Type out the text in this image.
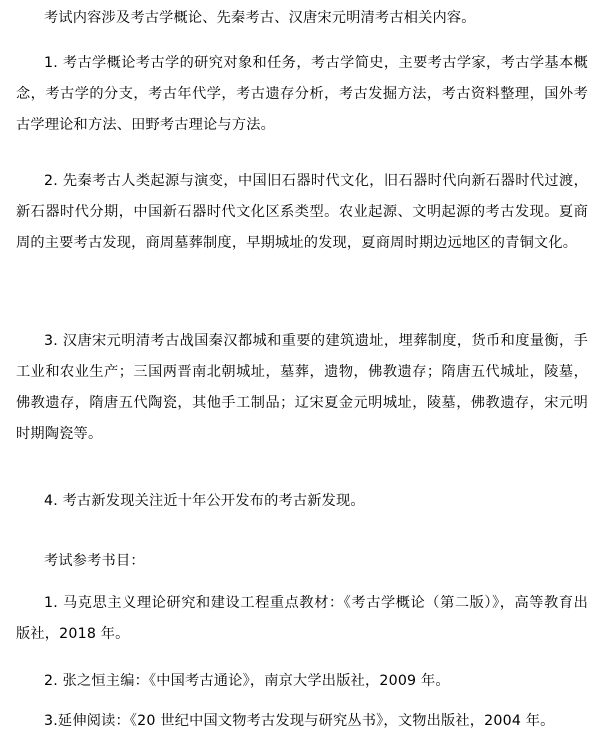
考试内容涉及考古学概论、先秦考古、汉唐宋元明清考古相关内容。

1. 考古学概论考古学的研究对象和任务，考古学简史，主要考古学家，考古学基本概念，考古学的分支，考古年代学，考古遗存分析，考古发掘方法，考古资料整理，国外考古学理论和方法、田野考古理论与方法。

2. 先秦考古人类起源与演变，中国旧石器时代文化，旧石器时代向新石器时代过渡，新石器时代分期，中国新石器时代文化区系类型。农业起源、文明起源的考古发现。夏商周的主要考古发现，商周墓葬制度，早期城址的发现，夏商周时期边远地区的青铜文化。

3. 汉唐宋元明清考古战国秦汉都城和重要的建筑遗址，埋葬制度，货币和度量衡，手工业和农业生产；三国两晋南北朝城址，墓葬，遗物，佛教遗存；隋唐五代城址，陵墓，佛教遗存，隋唐五代陶瓷，其他手工制品；辽宋夏金元明城址，陵墓，佛教遗存，宋元明时期陶瓷等。

4. 考古新发现关注近十年公开发布的考古新发现。

考试参考书目：

1. 马克思主义理论研究和建设工程重点教材：《考古学概论（第二版）》，高等教育出版社，2018 年。

2. 张之恒主编：《中国考古通论》，南京大学出版社，2009 年。

3.延伸阅读：《20 世纪中国文物考古发现与研究丛书》，文物出版社，2004 年。
